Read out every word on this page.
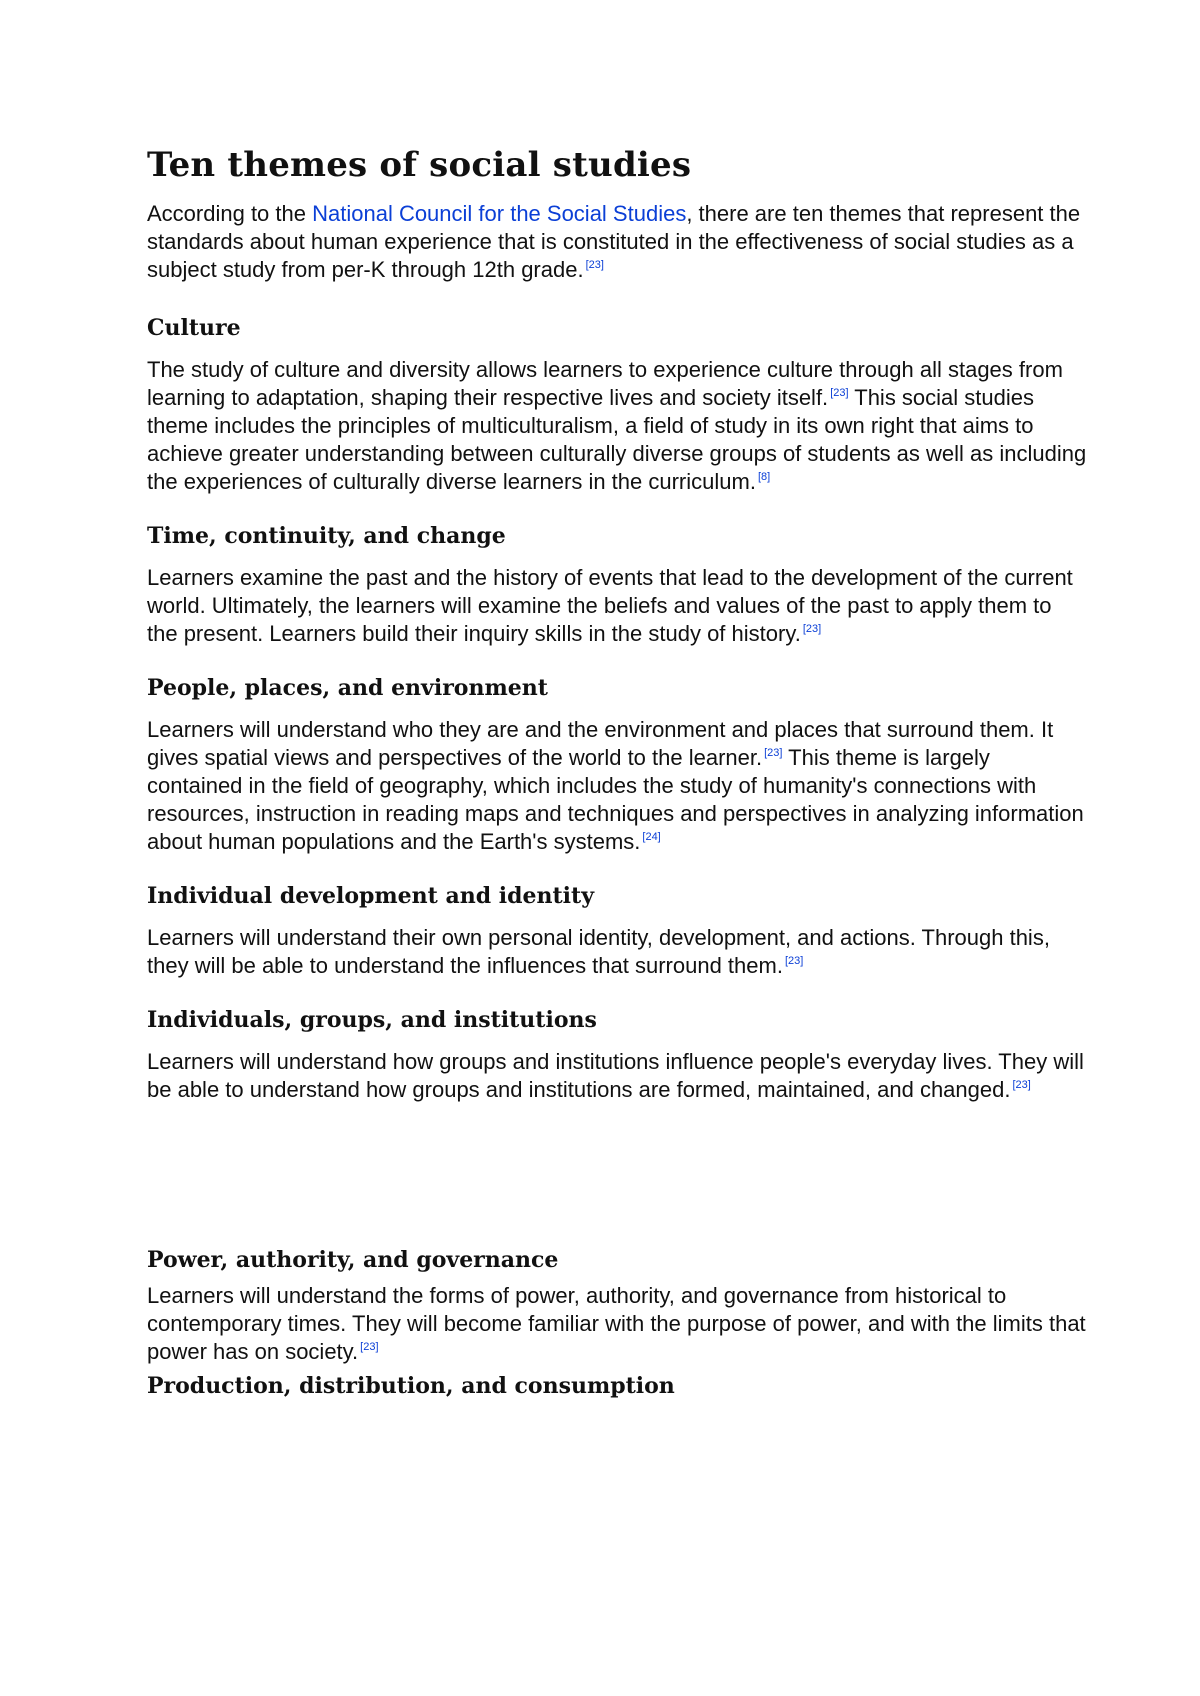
Ten themes of social studies

According to the National Council for the Social Studies, there are ten themes that represent the standards about human experience that is constituted in the effectiveness of social studies as a subject study from per-K through 12th grade. [23]

Culture

The study of culture and diversity allows learners to experience culture through all stages from learning to adaptation, shaping their respective lives and society itself. [23] This social studies theme includes the principles of multiculturalism, a field of study in its own right that aims to achieve greater understanding between culturally diverse groups of students as well as including the experiences of culturally diverse learners in the curriculum. [8]

Time, continuity, and change

Learners examine the past and the history of events that lead to the development of the current world. Ultimately, the learners will examine the beliefs and values of the past to apply them to the present. Learners build their inquiry skills in the study of history. [23]

People, places, and environment

Learners will understand who they are and the environment and places that surround them. It gives spatial views and perspectives of the world to the learner. [23] This theme is largely contained in the field of geography, which includes the study of humanity's connections with resources, instruction in reading maps and techniques and perspectives in analyzing information about human populations and the Earth's systems. [24]

Individual development and identity

Learners will understand their own personal identity, development, and actions. Through this, they will be able to understand the influences that surround them. [23]

Individuals, groups, and institutions

Learners will understand how groups and institutions influence people's everyday lives. They will be able to understand how groups and institutions are formed, maintained, and changed. [23]

Power, authority, and governance

Learners will understand the forms of power, authority, and governance from historical to contemporary times. They will become familiar with the purpose of power, and with the limits that power has on society. [23]

Production, distribution, and consumption
